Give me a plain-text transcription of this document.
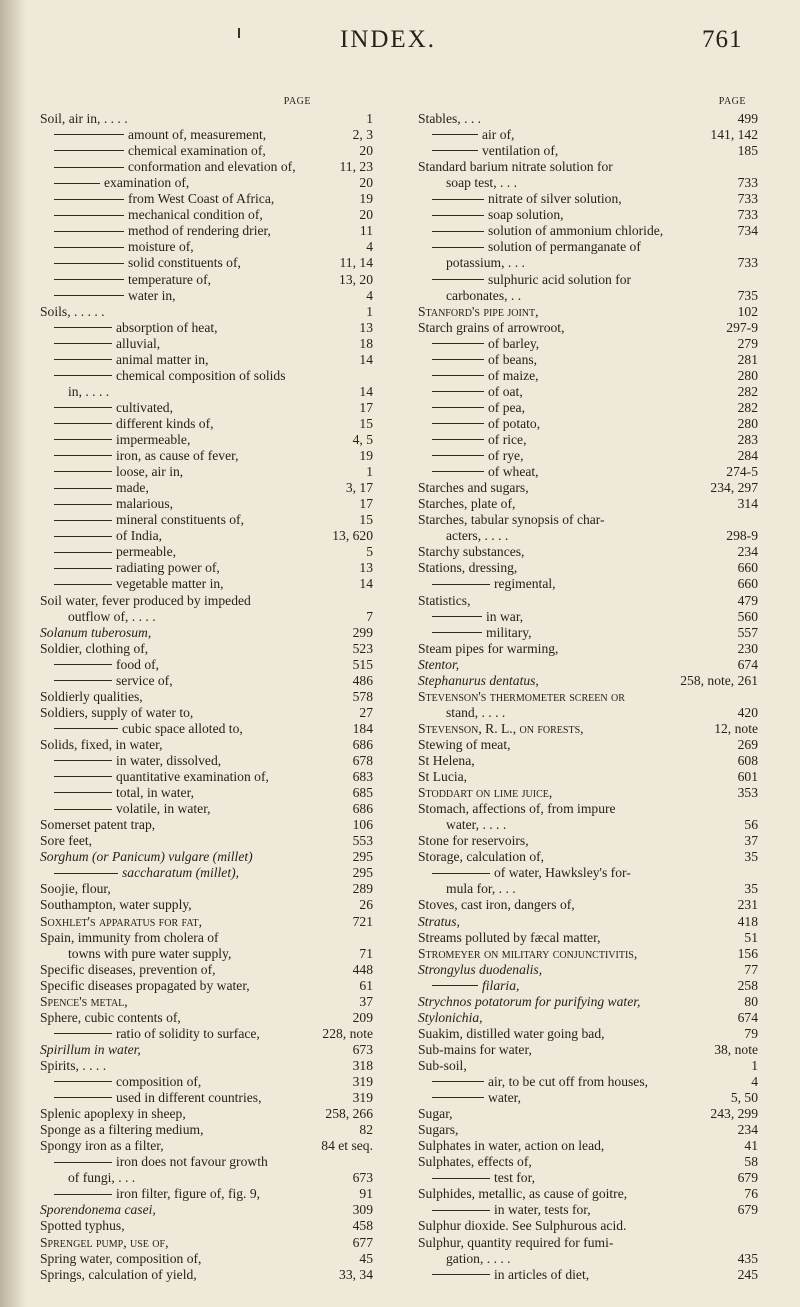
INDEX.	761
PAGE
Soil, air in, . . . .	1
amount of, measurement,	2, 3
chemical examination of,	20
conformation and elevation of,	11, 23
examination of,	20
from West Coast of Africa,	19
mechanical condition of,	20
method of rendering drier,	11
moisture of,	4
solid constituents of,	11, 14
temperature of,	13, 20
water in,	4
Soils, . . . . .	1
absorption of heat,	13
alluvial,	18
animal matter in,	14
chemical composition of solids
in, . . . .	14
cultivated,	17
different kinds of,	15
impermeable,	4, 5
iron, as cause of fever,	19
loose, air in,	1
made,	3, 17
malarious,	17
mineral constituents of,	15
of India,	13, 620
permeable,	5
radiating power of,	13
vegetable matter in,	14
Soil water, fever produced by impeded
outflow of, . . . .	7
Solanum tuberosum,	299
Soldier, clothing of,	523
food of,	515
service of,	486
Soldierly qualities,	578
Soldiers, supply of water to,	27
cubic space alloted to,	184
Solids, fixed, in water,	686
in water, dissolved,	678
quantitative examination of,	683
total, in water,	685
volatile, in water,	686
Somerset patent trap,	106
Sore feet,	553
Sorghum (or Panicum) vulgare (millet)	295
saccharatum (millet),	295
Soojie, flour,	289
Southampton, water supply,	26
Soxhlet's apparatus for fat,	721
Spain, immunity from cholera of
towns with pure water supply,	71
Specific diseases, prevention of,	448
Specific diseases propagated by water,	61
Spence's metal,	37
Sphere, cubic contents of,	209
ratio of solidity to surface,	228, note
Spirillum in water,	673
Spirits, . . . .	318
composition of,	319
used in different countries,	319
Splenic apoplexy in sheep,	258, 266
Sponge as a filtering medium,	82
Spongy iron as a filter,	84 et seq.
iron does not favour growth
of fungi, . . .	673
iron filter, figure of, fig. 9,	91
Sporendonema casei,	309
Spotted typhus,	458
Sprengel pump, use of,	677
Spring water, composition of,	45
Springs, calculation of yield,	33, 34
PAGE
Stables, . . .	499
air of,	141, 142
ventilation of,	185
Standard barium nitrate solution for
soap test, . . .	733
nitrate of silver solution,	733
soap solution,	733
solution of ammonium chloride,	734
solution of permanganate of
potassium, . . .	733
sulphuric acid solution for
carbonates, . .	735
Stanford's pipe joint,	102
Starch grains of arrowroot,	297-9
of barley,	279
of beans,	281
of maize,	280
of oat,	282
of pea,	282
of potato,	280
of rice,	283
of rye,	284
of wheat,	274-5
Starches and sugars,	234, 297
Starches, plate of,	314
Starches, tabular synopsis of char-
acters, . . . .	298-9
Starchy substances,	234
Stations, dressing,	660
regimental,	660
Statistics,	479
in war,	560
military,	557
Steam pipes for warming,	230
Stentor,	674
Stephanurus dentatus,	258, note, 261
Stevenson's thermometer screen or
stand, . . . .	420
Stevenson, R. L., on forests,	12, note
Stewing of meat,	269
St Helena,	608
St Lucia,	601
Stoddart on lime juice,	353
Stomach, affections of, from impure
water, . . . .	56
Stone for reservoirs,	37
Storage, calculation of,	35
of water, Hawksley's for-
mula for, . . .	35
Stoves, cast iron, dangers of,	231
Stratus,	418
Streams polluted by fæcal matter,	51
Stromeyer on military conjunctivitis,	156
Strongylus duodenalis,	77
filaria,	258
Strychnos potatorum for purifying water,	80
Stylonichia,	674
Suakim, distilled water going bad,	79
Sub-mains for water,	38, note
Sub-soil,	1
air, to be cut off from houses,	4
water,	5, 50
Sugar,	243, 299
Sugars,	234
Sulphates in water, action on lead,	41
Sulphates, effects of,	58
test for,	679
Sulphides, metallic, as cause of goitre,	76
in water, tests for,	679
Sulphur dioxide. See Sulphurous acid.
Sulphur, quantity required for fumi-
gation, . . . .	435
in articles of diet,	245
